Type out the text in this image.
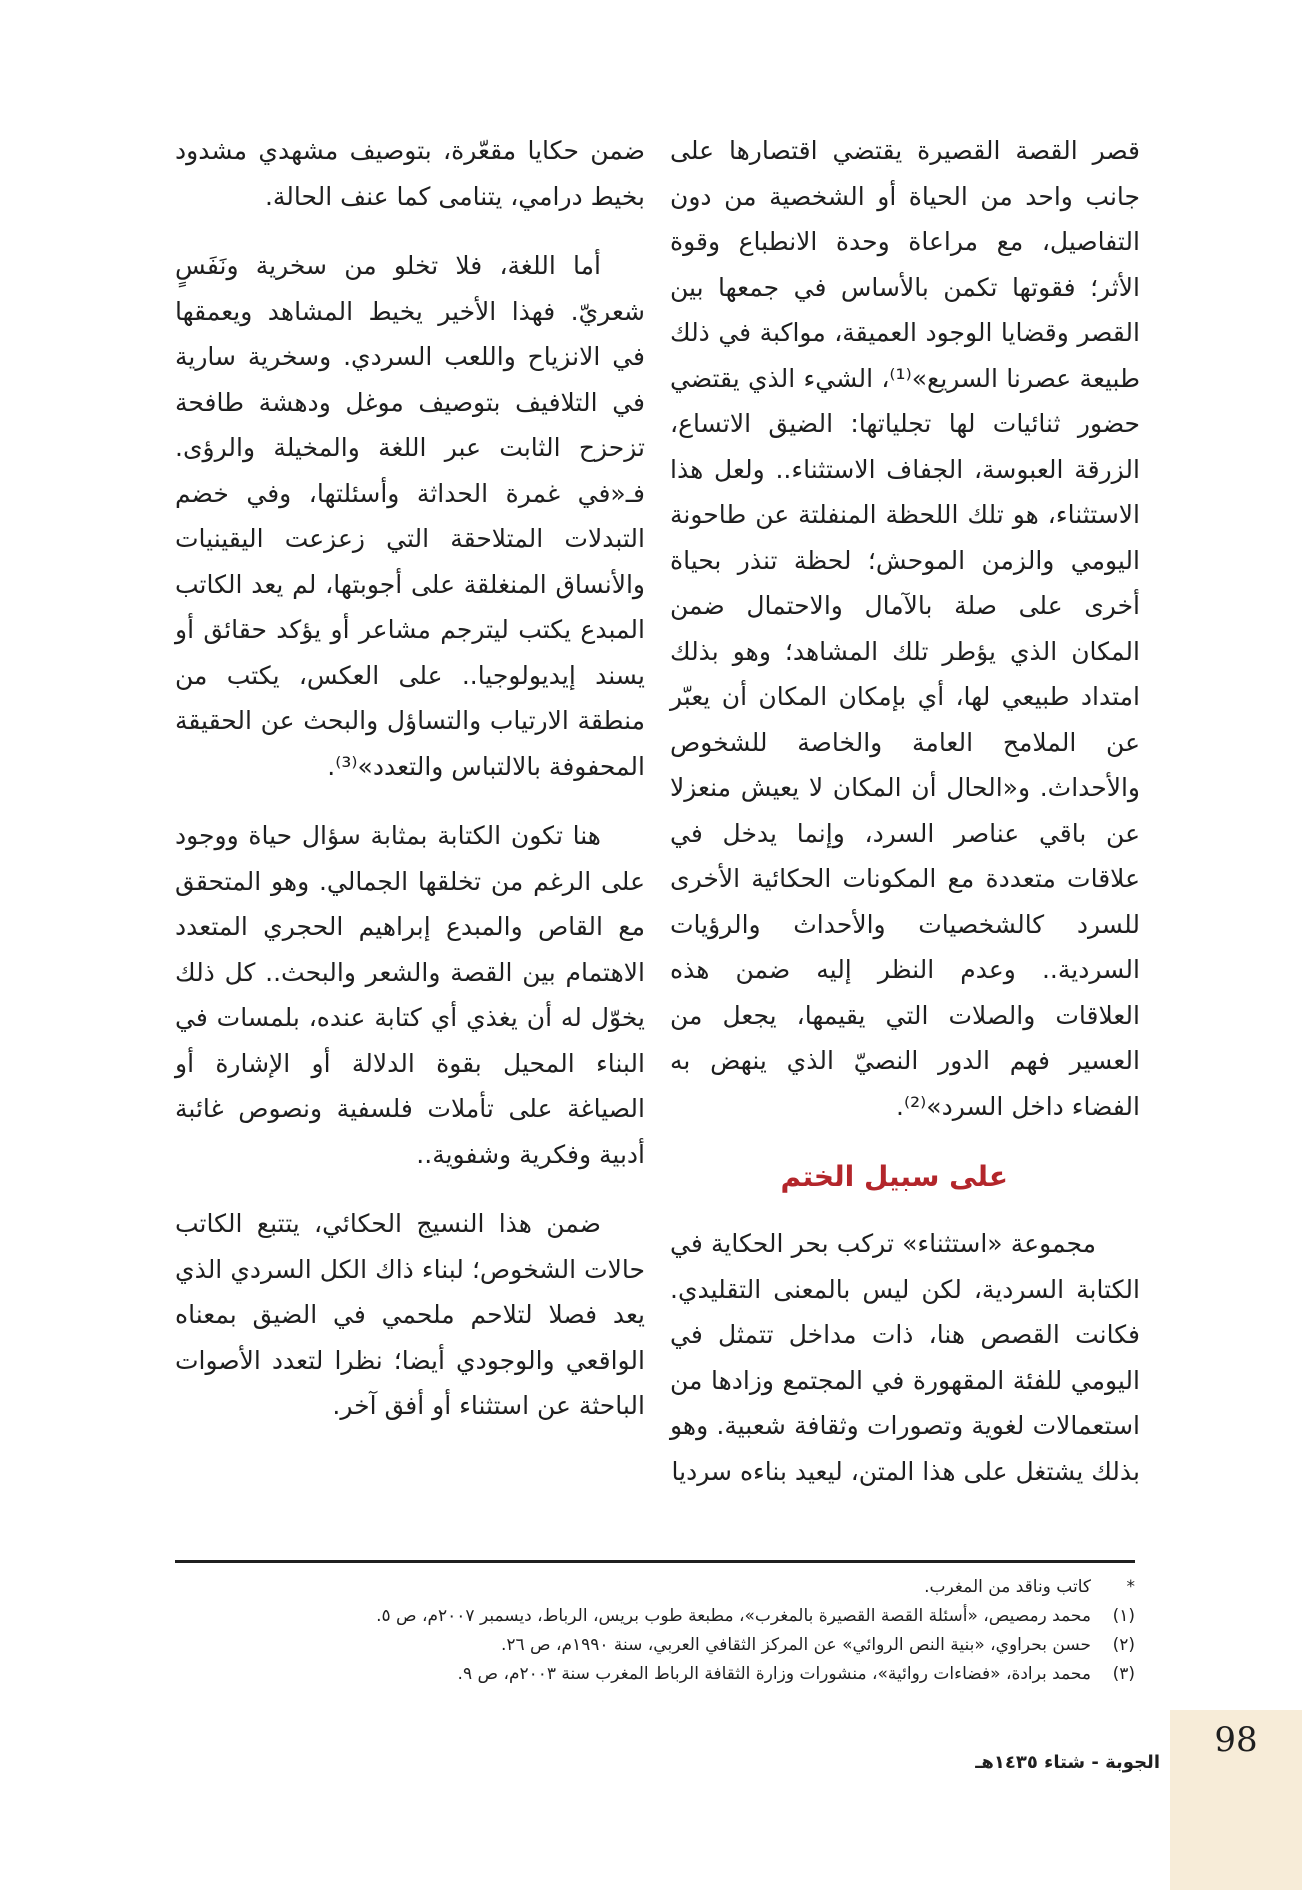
قصر القصة القصيرة يقتضي اقتصارها على جانب واحد من الحياة أو الشخصية من دون التفاصيل، مع مراعاة وحدة الانطباع وقوة الأثر؛ فقوتها تكمن بالأساس في جمعها بين القصر وقضايا الوجود العميقة، مواكبة في ذلك طبيعة عصرنا السريع»⁽¹⁾، الشيء الذي يقتضي حضور ثنائيات لها تجلياتها: الضيق الاتساع، الزرقة العبوسة، الجفاف الاستثناء.. ولعل هذا الاستثناء، هو تلك اللحظة المنفلتة عن طاحونة اليومي والزمن الموحش؛ لحظة تنذر بحياة أخرى على صلة بالآمال والاحتمال ضمن المكان الذي يؤطر تلك المشاهد؛ وهو بذلك امتداد طبيعي لها، أي بإمكان المكان أن يعبّر عن الملامح العامة والخاصة للشخوص والأحداث. و«الحال أن المكان لا يعيش منعزلا عن باقي عناصر السرد، وإنما يدخل في علاقات متعددة مع المكونات الحكائية الأخرى للسرد كالشخصيات والأحداث والرؤيات السردية.. وعدم النظر إليه ضمن هذه العلاقات والصلات التي يقيمها، يجعل من العسير فهم الدور النصيّ الذي ينهض به الفضاء داخل السرد»⁽²⁾.

على سبيل الختم

مجموعة «استثناء» تركب بحر الحكاية في الكتابة السردية، لكن ليس بالمعنى التقليدي. فكانت القصص هنا، ذات مداخل تتمثل في اليومي للفئة المقهورة في المجتمع وزادها من استعمالات لغوية وتصورات وثقافة شعبية. وهو بذلك يشتغل على هذا المتن، ليعيد بناءه سرديا

ضمن حكايا مقعّرة، بتوصيف مشهدي مشدود بخيط درامي، يتنامى كما عنف الحالة.

أما اللغة، فلا تخلو من سخرية ونَفَسٍ شعريّ. فهذا الأخير يخيط المشاهد ويعمقها في الانزياح واللعب السردي. وسخرية سارية في التلافيف بتوصيف موغل ودهشة طافحة تزحزح الثابت عبر اللغة والمخيلة والرؤى. فـ«في غمرة الحداثة وأسئلتها، وفي خضم التبدلات المتلاحقة التي زعزعت اليقينيات والأنساق المنغلقة على أجوبتها، لم يعد الكاتب المبدع يكتب ليترجم مشاعر أو يؤكد حقائق أو يسند إيديولوجيا.. على العكس، يكتب من منطقة الارتياب والتساؤل والبحث عن الحقيقة المحفوفة بالالتباس والتعدد»⁽³⁾.

هنا تكون الكتابة بمثابة سؤال حياة ووجود على الرغم من تخلقها الجمالي. وهو المتحقق مع القاص والمبدع إبراهيم الحجري المتعدد الاهتمام بين القصة والشعر والبحث.. كل ذلك يخوّل له أن يغذي أي كتابة عنده، بلمسات في البناء المحيل بقوة الدلالة أو الإشارة أو الصياغة على تأملات فلسفية ونصوص غائبة أدبية وفكرية وشفوية..

ضمن هذا النسيج الحكائي، يتتبع الكاتب حالات الشخوص؛ لبناء ذاك الكل السردي الذي يعد فصلا لتلاحم ملحمي في الضيق بمعناه الواقعي والوجودي أيضا؛ نظرا لتعدد الأصوات الباحثة عن استثناء أو أفق آخر.

*
كاتب وناقد من المغرب.
(١)
محمد رمصيص، «أسئلة القصة القصيرة بالمغرب»، مطبعة طوب بريس، الرباط، ديسمبر ٢٠٠٧م، ص ٥.
(٢)
حسن بحراوي، «بنية النص الروائي» عن المركز الثقافي العربي، سنة ١٩٩٠م، ص ٢٦.
(٣)
محمد برادة، «فضاءات روائية»، منشورات وزارة الثقافة الرباط المغرب سنة ٢٠٠٣م، ص ٩.
98
الجوبة - شتاء ١٤٣٥هـ
